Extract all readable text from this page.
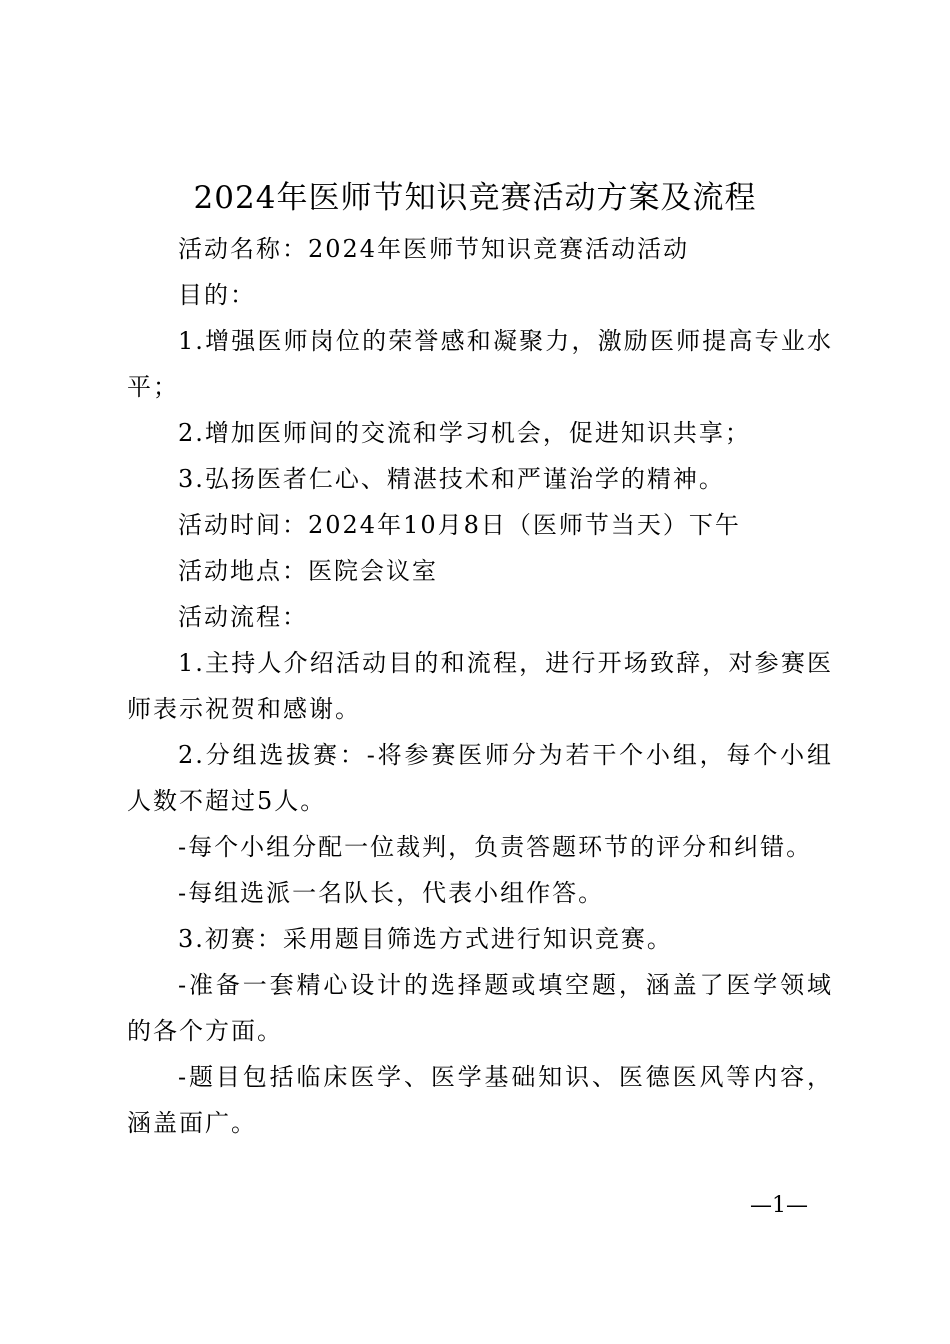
2024年医师节知识竞赛活动方案及流程

活动名称：2024年医师节知识竞赛活动活动

目的：

1.增强医师岗位的荣誉感和凝聚力，激励医师提高专业水平；

2.增加医师间的交流和学习机会，促进知识共享；

3.弘扬医者仁心、精湛技术和严谨治学的精神。

活动时间：2024年10月8日（医师节当天）下午

活动地点：医院会议室

活动流程：

1.主持人介绍活动目的和流程，进行开场致辞，对参赛医师表示祝贺和感谢。

2.分组选拔赛：-将参赛医师分为若干个小组，每个小组人数不超过5人。

-每个小组分配一位裁判，负责答题环节的评分和纠错。

-每组选派一名队长，代表小组作答。

3.初赛：采用题目筛选方式进行知识竞赛。

-准备一套精心设计的选择题或填空题，涵盖了医学领域的各个方面。

-题目包括临床医学、医学基础知识、医德医风等内容，涵盖面广。

—1—
